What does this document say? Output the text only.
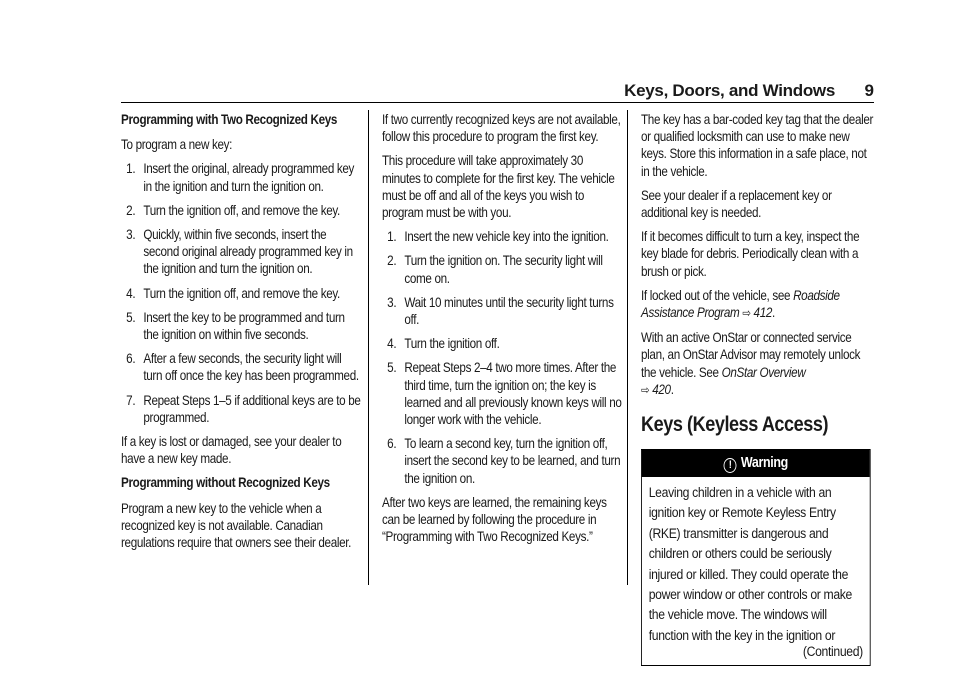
Keys, Doors, and Windows 9

Programming with Two Recognized Keys

To program a new key:

1. Insert the original, already programmed key in the ignition and turn the ignition on.
2. Turn the ignition off, and remove the key.
3. Quickly, within five seconds, insert the second original already programmed key in the ignition and turn the ignition on.
4. Turn the ignition off, and remove the key.
5. Insert the key to be programmed and turn the ignition on within five seconds.
6. After a few seconds, the security light will turn off once the key has been programmed.
7. Repeat Steps 1–5 if additional keys are to be programmed.

If a key is lost or damaged, see your dealer to have a new key made.

Programming without Recognized Keys

Program a new key to the vehicle when a recognized key is not available. Canadian regulations require that owners see their dealer.

If two currently recognized keys are not available, follow this procedure to program the first key.

This procedure will take approximately 30 minutes to complete for the first key. The vehicle must be off and all of the keys you wish to program must be with you.

1. Insert the new vehicle key into the ignition.
2. Turn the ignition on. The security light will come on.
3. Wait 10 minutes until the security light turns off.
4. Turn the ignition off.
5. Repeat Steps 2–4 two more times. After the third time, turn the ignition on; the key is learned and all previously known keys will no longer work with the vehicle.
6. To learn a second key, turn the ignition off, insert the second key to be learned, and turn the ignition on.

After two keys are learned, the remaining keys can be learned by following the procedure in “Programming with Two Recognized Keys.”

The key has a bar-coded key tag that the dealer or qualified locksmith can use to make new keys. Store this information in a safe place, not in the vehicle.

See your dealer if a replacement key or additional key is needed.

If it becomes difficult to turn a key, inspect the key blade for debris. Periodically clean with a brush or pick.

If locked out of the vehicle, see Roadside Assistance Program ⇨ 412.

With an active OnStar or connected service plan, an OnStar Advisor may remotely unlock the vehicle. See OnStar Overview
⇨ 420.

Keys (Keyless Access)
! Warning
Leaving children in a vehicle with an ignition key or Remote Keyless Entry (RKE) transmitter is dangerous and children or others could be seriously injured or killed. They could operate the power window or other controls or make the vehicle move. The windows will function with the key in the ignition or
(Continued)
